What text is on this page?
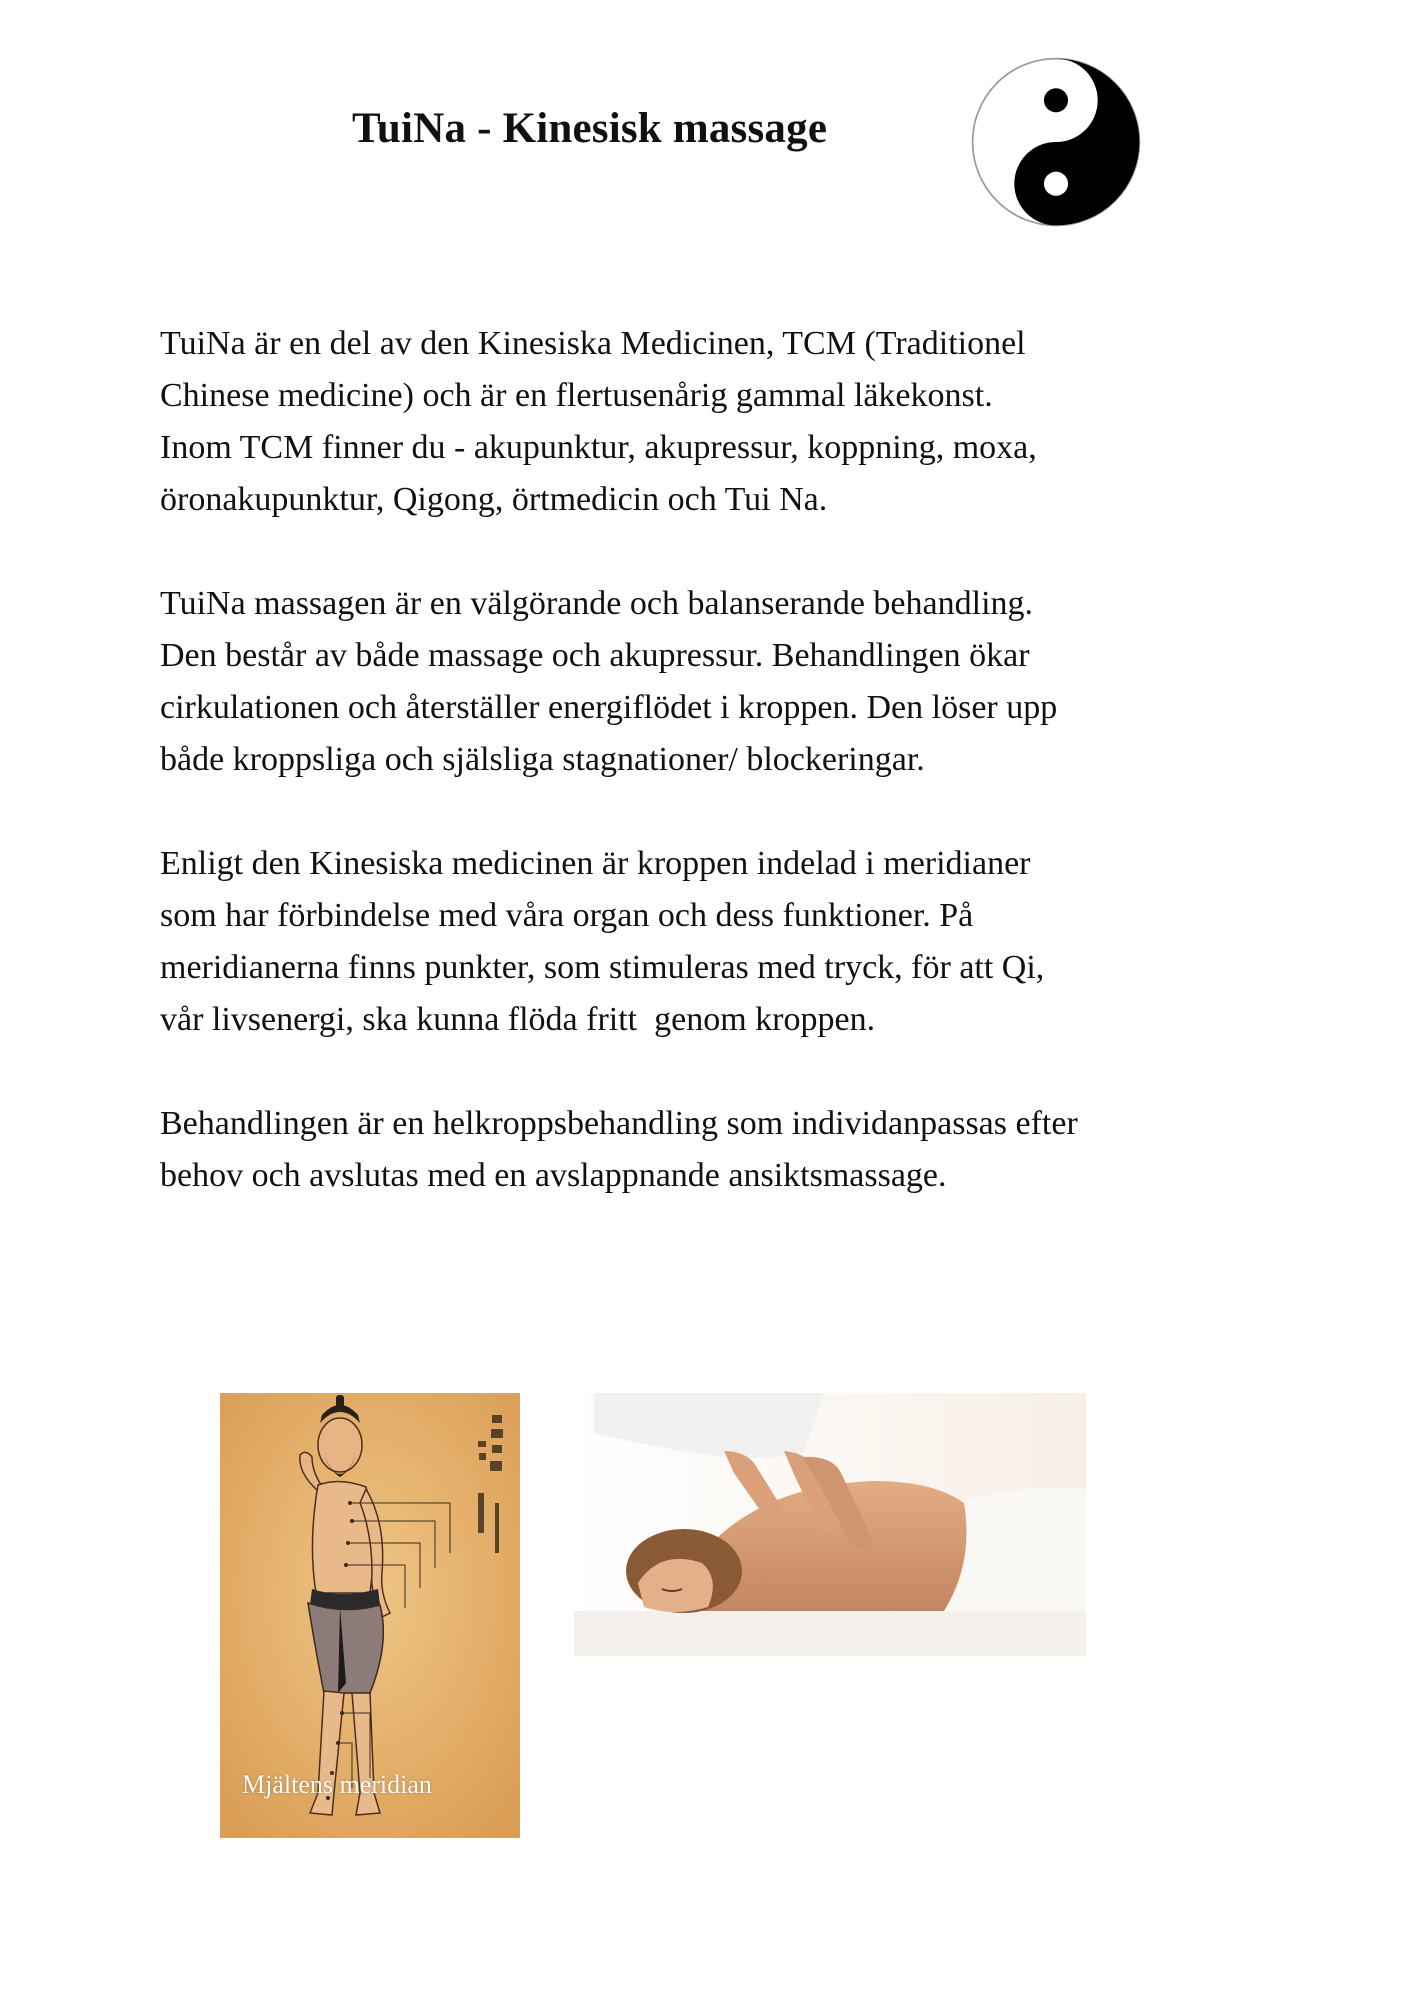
TuiNa - Kinesisk massage

TuiNa är en del av den Kinesiska Medicinen, TCM (Traditionel
Chinese medicine) och är en flertusenårig gammal läkekonst.
Inom TCM finner du - akupunktur, akupressur, koppning, moxa,
öronakupunktur, Qigong, örtmedicin och Tui Na.

TuiNa massagen är en välgörande och balanserande behandling.
Den består av både massage och akupressur. Behandlingen ökar
cirkulationen och återställer energiflödet i kroppen. Den löser upp
både kroppsliga och själsliga stagnationer/ blockeringar.

Enligt den Kinesiska medicinen är kroppen indelad i meridianer
som har förbindelse med våra organ och dess funktioner. På
meridianerna finns punkter, som stimuleras med tryck, för att Qi,
vår livsenergi, ska kunna flöda fritt  genom kroppen.

Behandlingen är en helkroppsbehandling som individanpassas efter
behov och avslutas med en avslappnande ansiktsmassage.

Mjältens meridian
